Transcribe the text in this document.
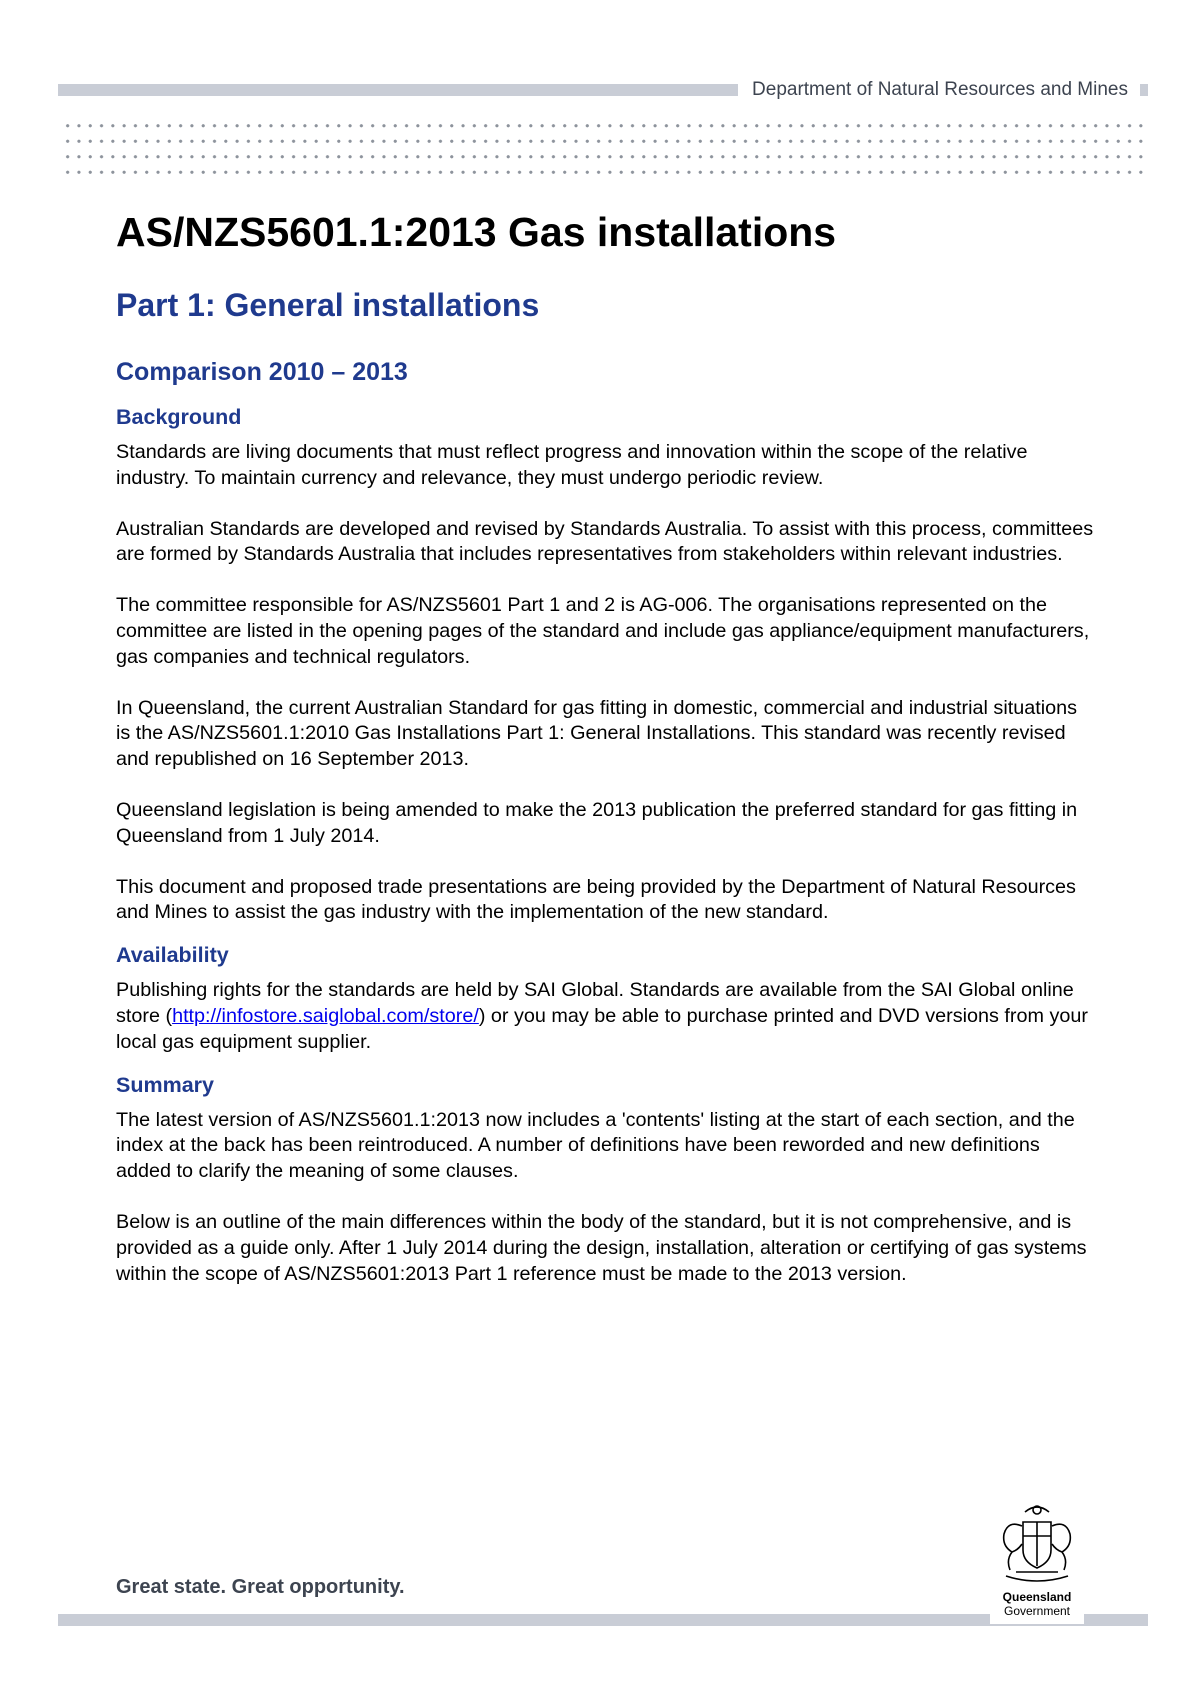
Department of Natural Resources and Mines
AS/NZS5601.1:2013 Gas installations
Part 1: General installations
Comparison 2010 – 2013
Background

Standards are living documents that must reflect progress and innovation within the scope of the relative industry. To maintain currency and relevance, they must undergo periodic review.

Australian Standards are developed and revised by Standards Australia. To assist with this process, committees are formed by Standards Australia that includes representatives from stakeholders within relevant industries.

The committee responsible for AS/NZS5601 Part 1 and 2 is AG-006. The organisations represented on the committee are listed in the opening pages of the standard and include gas appliance/equipment manufacturers, gas companies and technical regulators.

In Queensland, the current Australian Standard for gas fitting in domestic, commercial and industrial situations is the AS/NZS5601.1:2010 Gas Installations Part 1: General Installations. This standard was recently revised and republished on 16 September 2013.

Queensland legislation is being amended to make the 2013 publication the preferred standard for gas fitting in Queensland from 1 July 2014.

This document and proposed trade presentations are being provided by the Department of Natural Resources and Mines to assist the gas industry with the implementation of the new standard.

Availability

Publishing rights for the standards are held by SAI Global. Standards are available from the SAI Global online store (http://infostore.saiglobal.com/store/) or you may be able to purchase printed and DVD versions from your local gas equipment supplier.

Summary

The latest version of AS/NZS5601.1:2013 now includes a 'contents' listing at the start of each section, and the index at the back has been reintroduced. A number of definitions have been reworded and new definitions added to clarify the meaning of some clauses.

Below is an outline of the main differences within the body of the standard, but it is not comprehensive, and is provided as a guide only. After 1 July 2014 during the design, installation, alteration or certifying of gas systems within the scope of AS/NZS5601:2013 Part 1 reference must be made to the 2013 version.

Great state. Great opportunity.	Queensland
Government
